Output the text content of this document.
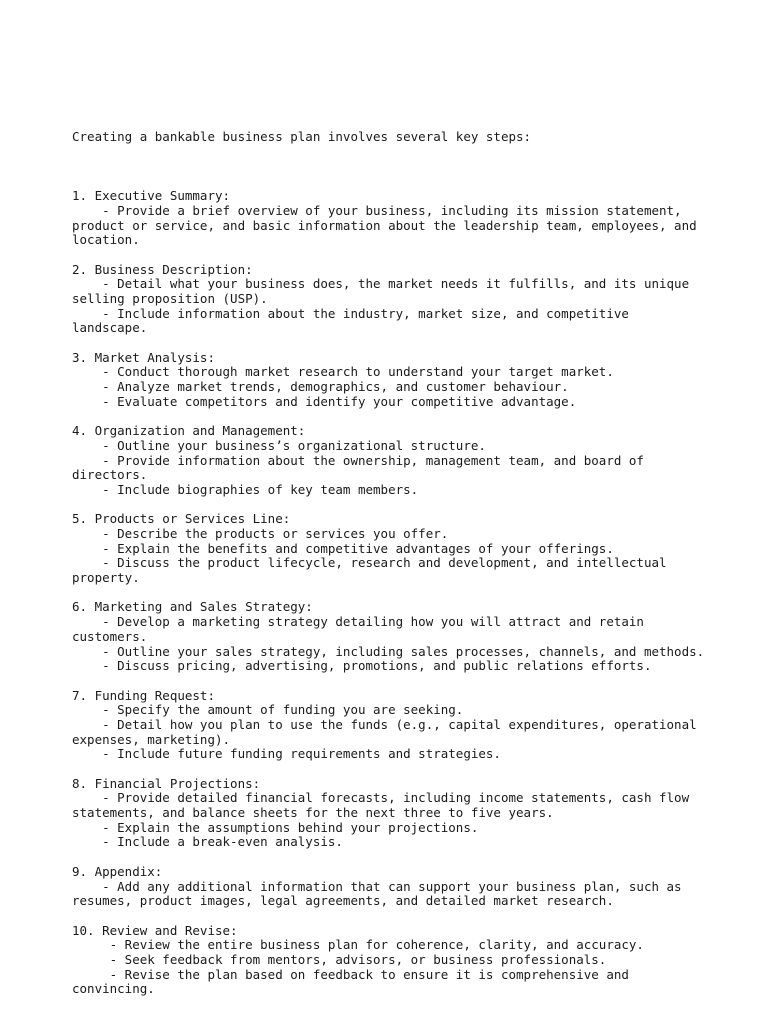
Creating a bankable business plan involves several key steps:

1. Executive Summary:
- Provide a brief overview of your business, including its mission statement,
product or service, and basic information about the leadership team, employees, and
location.
2. Business Description:
- Detail what your business does, the market needs it fulfills, and its unique
selling proposition (USP).
- Include information about the industry, market size, and competitive
landscape.
3. Market Analysis:
- Conduct thorough market research to understand your target market.
- Analyze market trends, demographics, and customer behaviour.
- Evaluate competitors and identify your competitive advantage.
4. Organization and Management:
- Outline your business’s organizational structure.
- Provide information about the ownership, management team, and board of
directors.
- Include biographies of key team members.
5. Products or Services Line:
- Describe the products or services you offer.
- Explain the benefits and competitive advantages of your offerings.
- Discuss the product lifecycle, research and development, and intellectual
property.
6. Marketing and Sales Strategy:
- Develop a marketing strategy detailing how you will attract and retain
customers.
- Outline your sales strategy, including sales processes, channels, and methods.
- Discuss pricing, advertising, promotions, and public relations efforts.
7. Funding Request:
- Specify the amount of funding you are seeking.
- Detail how you plan to use the funds (e.g., capital expenditures, operational
expenses, marketing).
- Include future funding requirements and strategies.
8. Financial Projections:
- Provide detailed financial forecasts, including income statements, cash flow
statements, and balance sheets for the next three to five years.
- Explain the assumptions behind your projections.
- Include a break-even analysis.
9. Appendix:
- Add any additional information that can support your business plan, such as
resumes, product images, legal agreements, and detailed market research.
10. Review and Revise:
- Review the entire business plan for coherence, clarity, and accuracy.
- Seek feedback from mentors, advisors, or business professionals.
- Revise the plan based on feedback to ensure it is comprehensive and
convincing.
